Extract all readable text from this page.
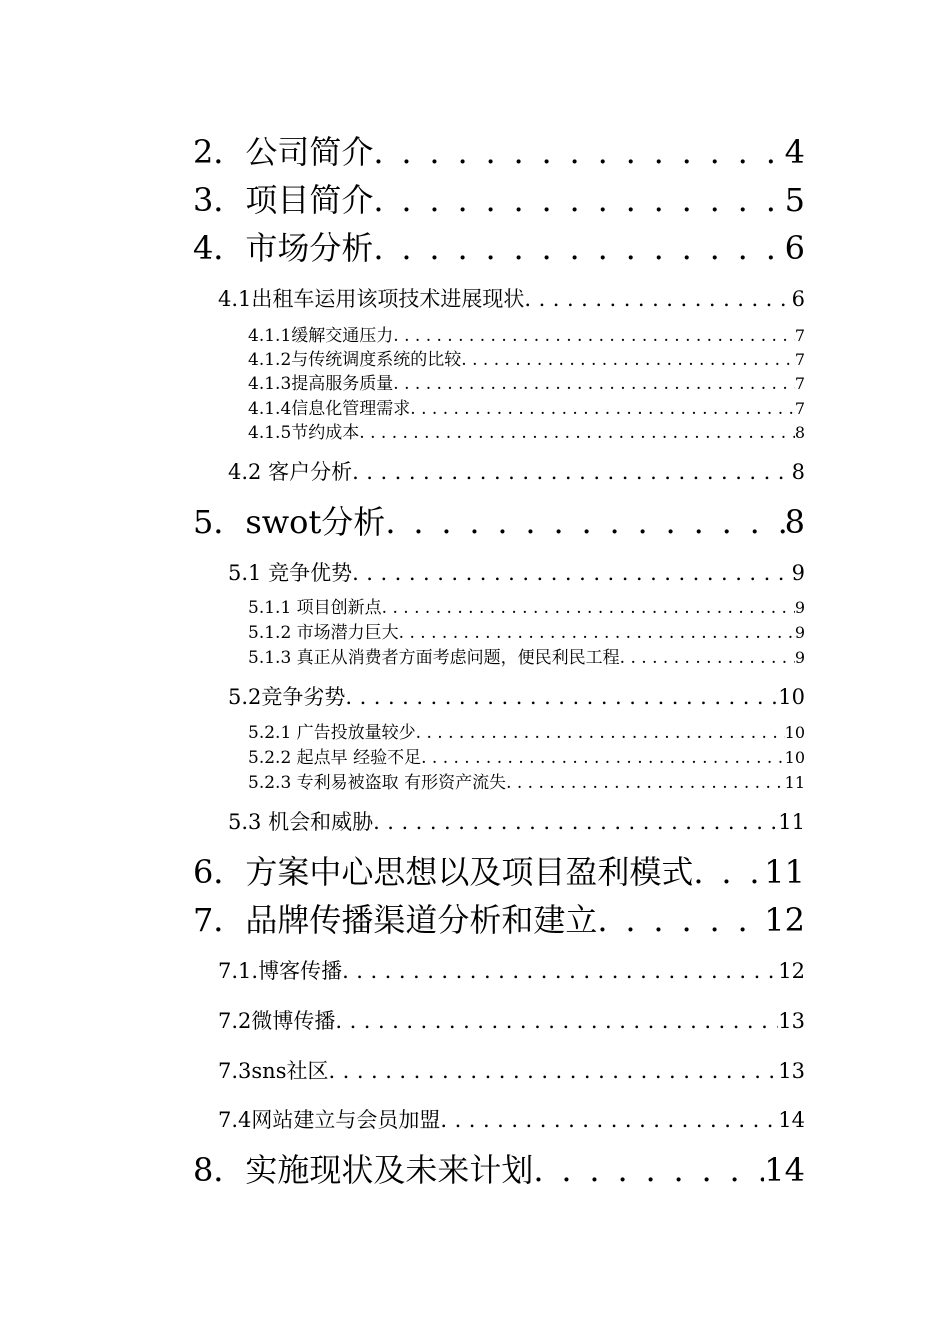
2．公司简介 . . .	4
3．项目简介 . . .	5
4．市场分析 . . .	6
4.1出租车运用该项技术进展现状 . . .	6
4.1.1缓解交通压力 . . .	7
4.1.2与传统调度系统的比较 . . .	7
4.1.3提高服务质量 . . .	7
4.1.4信息化管理需求 . . .	7
4.1.5节约成本 . . .	8
4.2 客户分析 . . .	8
5．swot分析 . . .	8
5.1 竞争优势 . . .	9
5.1.1 项目创新点 . . .	9
5.1.2 市场潜力巨大 . . .	9
5.1.3 真正从消费者方面考虑问题，便民利民工程 . . .	9
5.2竞争劣势 . . .	10
5.2.1 广告投放量较少 . . .	10
5.2.2 起点早 经验不足 . . .	10
5.2.3 专利易被盗取 有形资产流失 . . .	11
5.3 机会和威胁 . . .	11
6．方案中心思想以及项目盈利模式 . . . 11
7．品牌传播渠道分析和建立 . . .	12
7.1.博客传播 . . .	12
7.2微博传播 . . .	13
7.3sns社区 . . .	13
7.4网站建立与会员加盟 . . .	14
8．实施现状及未来计划 . . .	14
